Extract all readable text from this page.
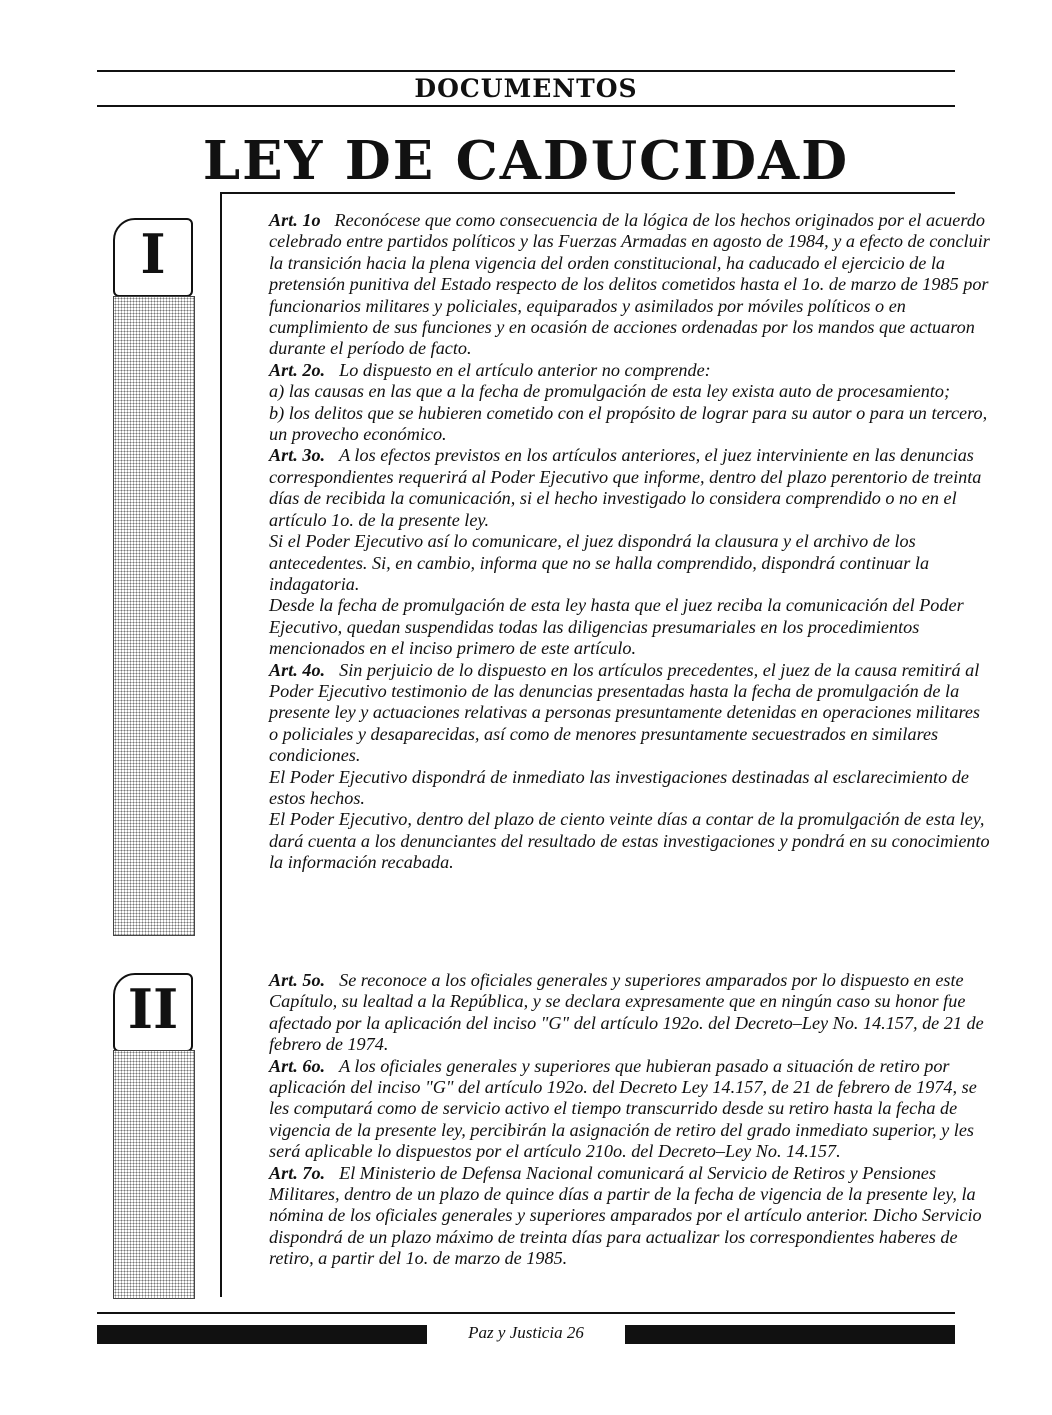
DOCUMENTOS
LEY DE CADUCIDAD
I
II

Art. 1o Reconócese que como consecuencia de la lógica de los hechos originados por el acuerdo celebrado entre partidos políticos y las Fuerzas Armadas en agosto de 1984, y a efecto de concluir la transición hacia la plena vigencia del orden constitucional, ha caducado el ejercicio de la pretensión punitiva del Estado respecto de los delitos cometidos hasta el 1o. de marzo de 1985 por funcionarios militares y policiales, equiparados y asimilados por móviles políticos o en cumplimiento de sus funciones y en ocasión de acciones ordenadas por los mandos que actuaron durante el período de facto.

Art. 2o. Lo dispuesto en el artículo anterior no comprende:

a) las causas en las que a la fecha de promulgación de esta ley exista auto de procesamiento;

b) los delitos que se hubieren cometido con el propósito de lograr para su autor o para un tercero, un provecho económico.

Art. 3o. A los efectos previstos en los artículos anteriores, el juez interviniente en las denuncias correspondientes requerirá al Poder Ejecutivo que informe, dentro del plazo perentorio de treinta días de recibida la comunicación, si el hecho investigado lo considera comprendido o no en el artículo 1o. de la presente ley.

Si el Poder Ejecutivo así lo comunicare, el juez dispondrá la clausura y el archivo de los antecedentes. Si, en cambio, informa que no se halla comprendido, dispondrá continuar la indagatoria.

Desde la fecha de promulgación de esta ley hasta que el juez reciba la comunicación del Poder Ejecutivo, quedan suspendidas todas las diligencias presumariales en los procedimientos mencionados en el inciso primero de este artículo.

Art. 4o. Sin perjuicio de lo dispuesto en los artículos precedentes, el juez de la causa remitirá al Poder Ejecutivo testimonio de las denuncias presentadas hasta la fecha de promulgación de la presente ley y actuaciones relativas a personas presuntamente detenidas en operaciones militares o policiales y desaparecidas, así como de menores presuntamente secuestrados en similares condiciones.

El Poder Ejecutivo dispondrá de inmediato las investigaciones destinadas al esclarecimiento de estos hechos.

El Poder Ejecutivo, dentro del plazo de ciento veinte días a contar de la promulgación de esta ley, dará cuenta a los denunciantes del resultado de estas investigaciones y pondrá en su conocimiento la información recabada.

Art. 5o. Se reconoce a los oficiales generales y superiores amparados por lo dispuesto en este Capítulo, su lealtad a la República, y se declara expresamente que en ningún caso su honor fue afectado por la aplicación del inciso "G" del artículo 192o. del Decreto–Ley No. 14.157, de 21 de febrero de 1974.

Art. 6o. A los oficiales generales y superiores que hubieran pasado a situación de retiro por aplicación del inciso "G" del artículo 192o. del Decreto Ley 14.157, de 21 de febrero de 1974, se les computará como de servicio activo el tiempo transcurrido desde su retiro hasta la fecha de vigencia de la presente ley, percibirán la asignación de retiro del grado inmediato superior, y les será aplicable lo dispuestos por el artículo 210o. del Decreto–Ley No. 14.157.

Art. 7o. El Ministerio de Defensa Nacional comunicará al Servicio de Retiros y Pensiones Militares, dentro de un plazo de quince días a partir de la fecha de vigencia de la presente ley, la nómina de los oficiales generales y superiores amparados por el artículo anterior. Dicho Servicio dispondrá de un plazo máximo de treinta días para actualizar los correspondientes haberes de retiro, a partir del 1o. de marzo de 1985.

Paz y Justicia 26
